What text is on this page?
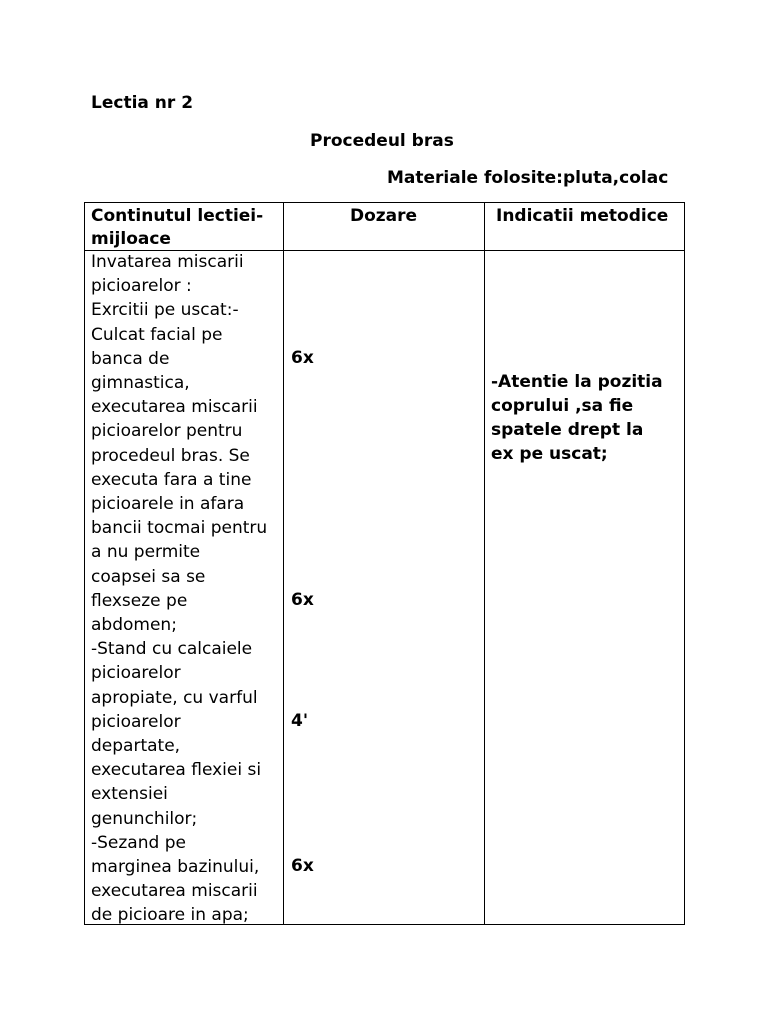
Lectia nr 2
Procedeul bras
Materiale folosite:pluta,colac
Continutul lectiei-
mijloace
Dozare	Indicatii metodice
Invatarea miscarii
picioarelor :
Exrcitii pe uscat:-
Culcat facial pe
banca de
gimnastica,
executarea miscarii
picioarelor pentru
procedeul bras. Se
executa fara a tine
picioarele in afara
bancii tocmai pentru
a nu permite
coapsei sa se
flexseze pe
abdomen;
-Stand cu calcaiele
picioarelor
apropiate, cu varful
picioarelor
departate,
executarea flexiei si
extensiei
genunchilor;
-Sezand pe
marginea bazinului,
executarea miscarii
de picioare in apa;
6x
6x
4'
6x
-Atentie la pozitia
coprului ,sa fie
spatele drept la
ex pe uscat;
